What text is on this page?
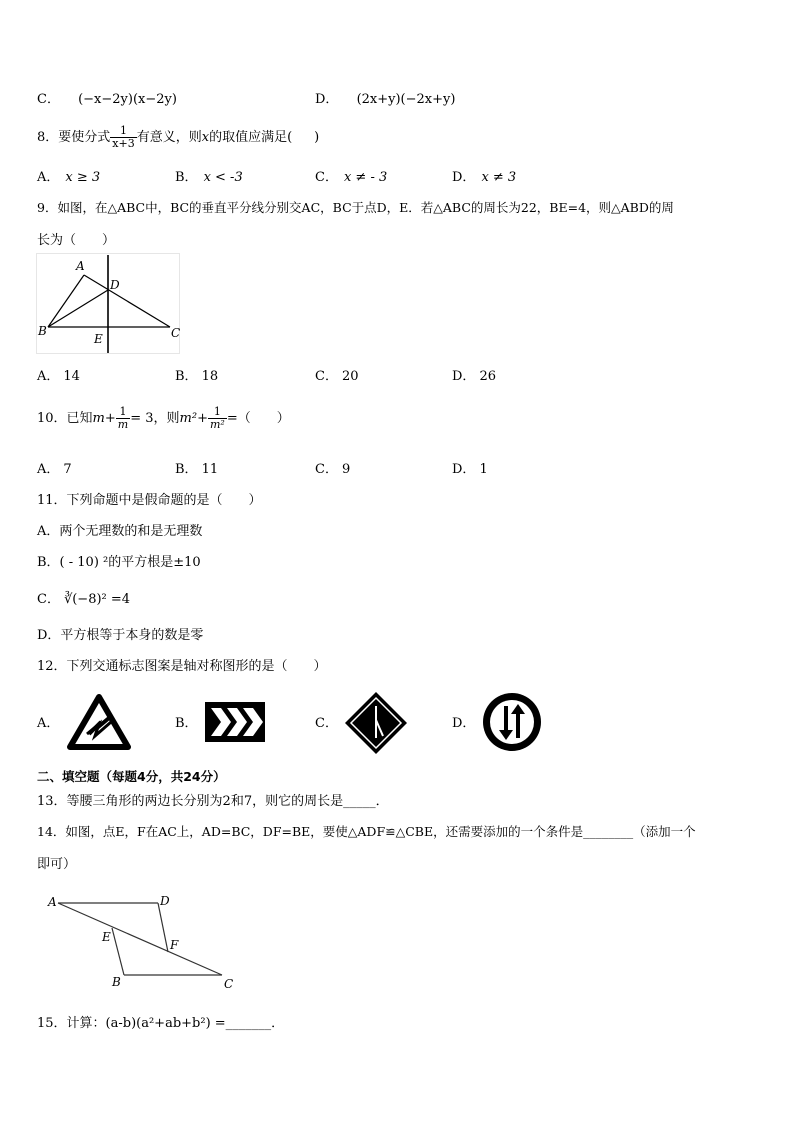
C． (−x−2y)(x−2y)	D． (2x+y)(−2x+y)
8．要使分式 $\frac{1}{x+3}$ 有意义，则x的取值应满足( )
A． x ≥ 3	B． x < -3	C． x ≠ - 3	D． x ≠ 3
9．如图，在△ABC中，BC的垂直平分线分别交AC，BC于点D，E．若△ABC的周长为22，BE=4，则△ABD的周
长为（　　）
A
B	C
D
E
A． 14	B． 18	C． 20	D． 26
10．已知$m+ \frac{1}{m} = 3$，则$m^2+ \frac{1}{\text{m²}}$ =（　　）
A． 7	B． 11	C． 9	D． 1
11．下列命题中是假命题的是（　　）
A．两个无理数的和是无理数
B．( - 10) ²的平方根是±10
C． ∛(−8)² =4
D．平方根等于本身的数是零
12．下列交通标志图案是轴对称图形的是（　　）
A．	B．	C．	D．
二、填空题（每题4分，共24分）
13．等腰三角形的两边长分别为2和7，则它的周长是_____．
14．如图，点E，F在AC上，AD=BC，DF=BE，要使△ADF≌△CBE，还需要添加的一个条件是________（添加一个
即可）
A	D
E
F
B	C
15．计算：(a-b)(a²+ab+b²) =_______．
